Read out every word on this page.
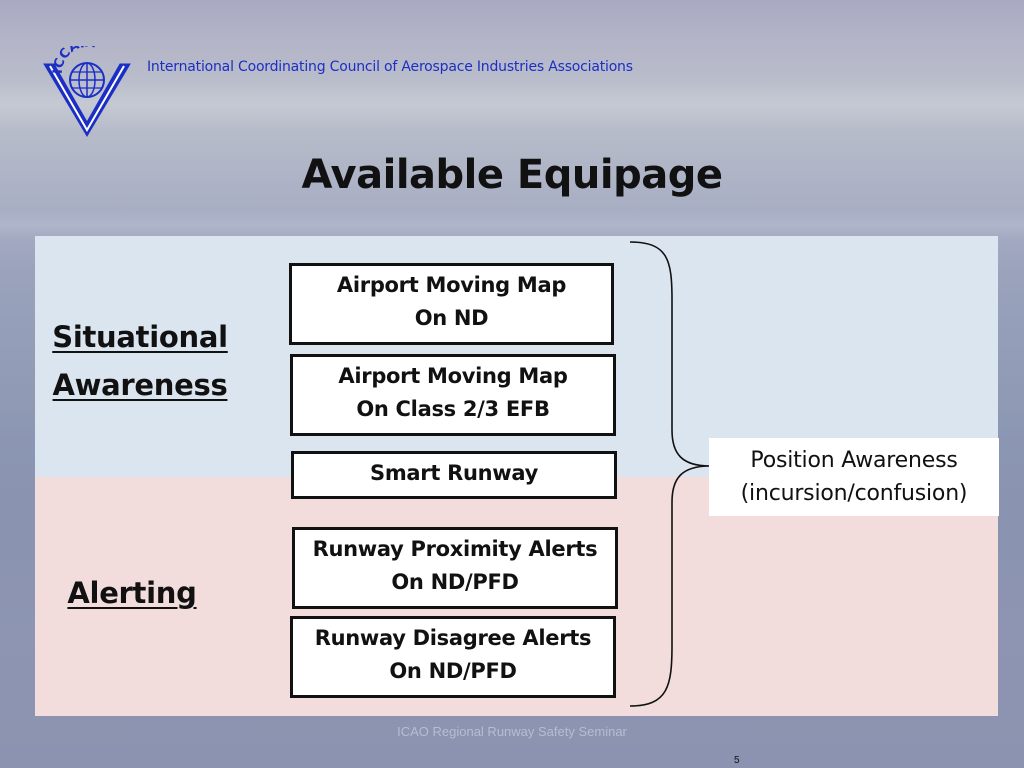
ICCA
International Coordinating Council of Aerospace Industries Associations
Available Equipage
Situational
Awareness
Alerting
Airport Moving Map
On ND
Airport Moving Map
On Class 2/3 EFB
Smart Runway
Runway Proximity Alerts
On ND/PFD
Runway Disagree Alerts
On ND/PFD
Position Awareness
(incursion/confusion)
ICAO Regional Runway Safety Seminar
5
